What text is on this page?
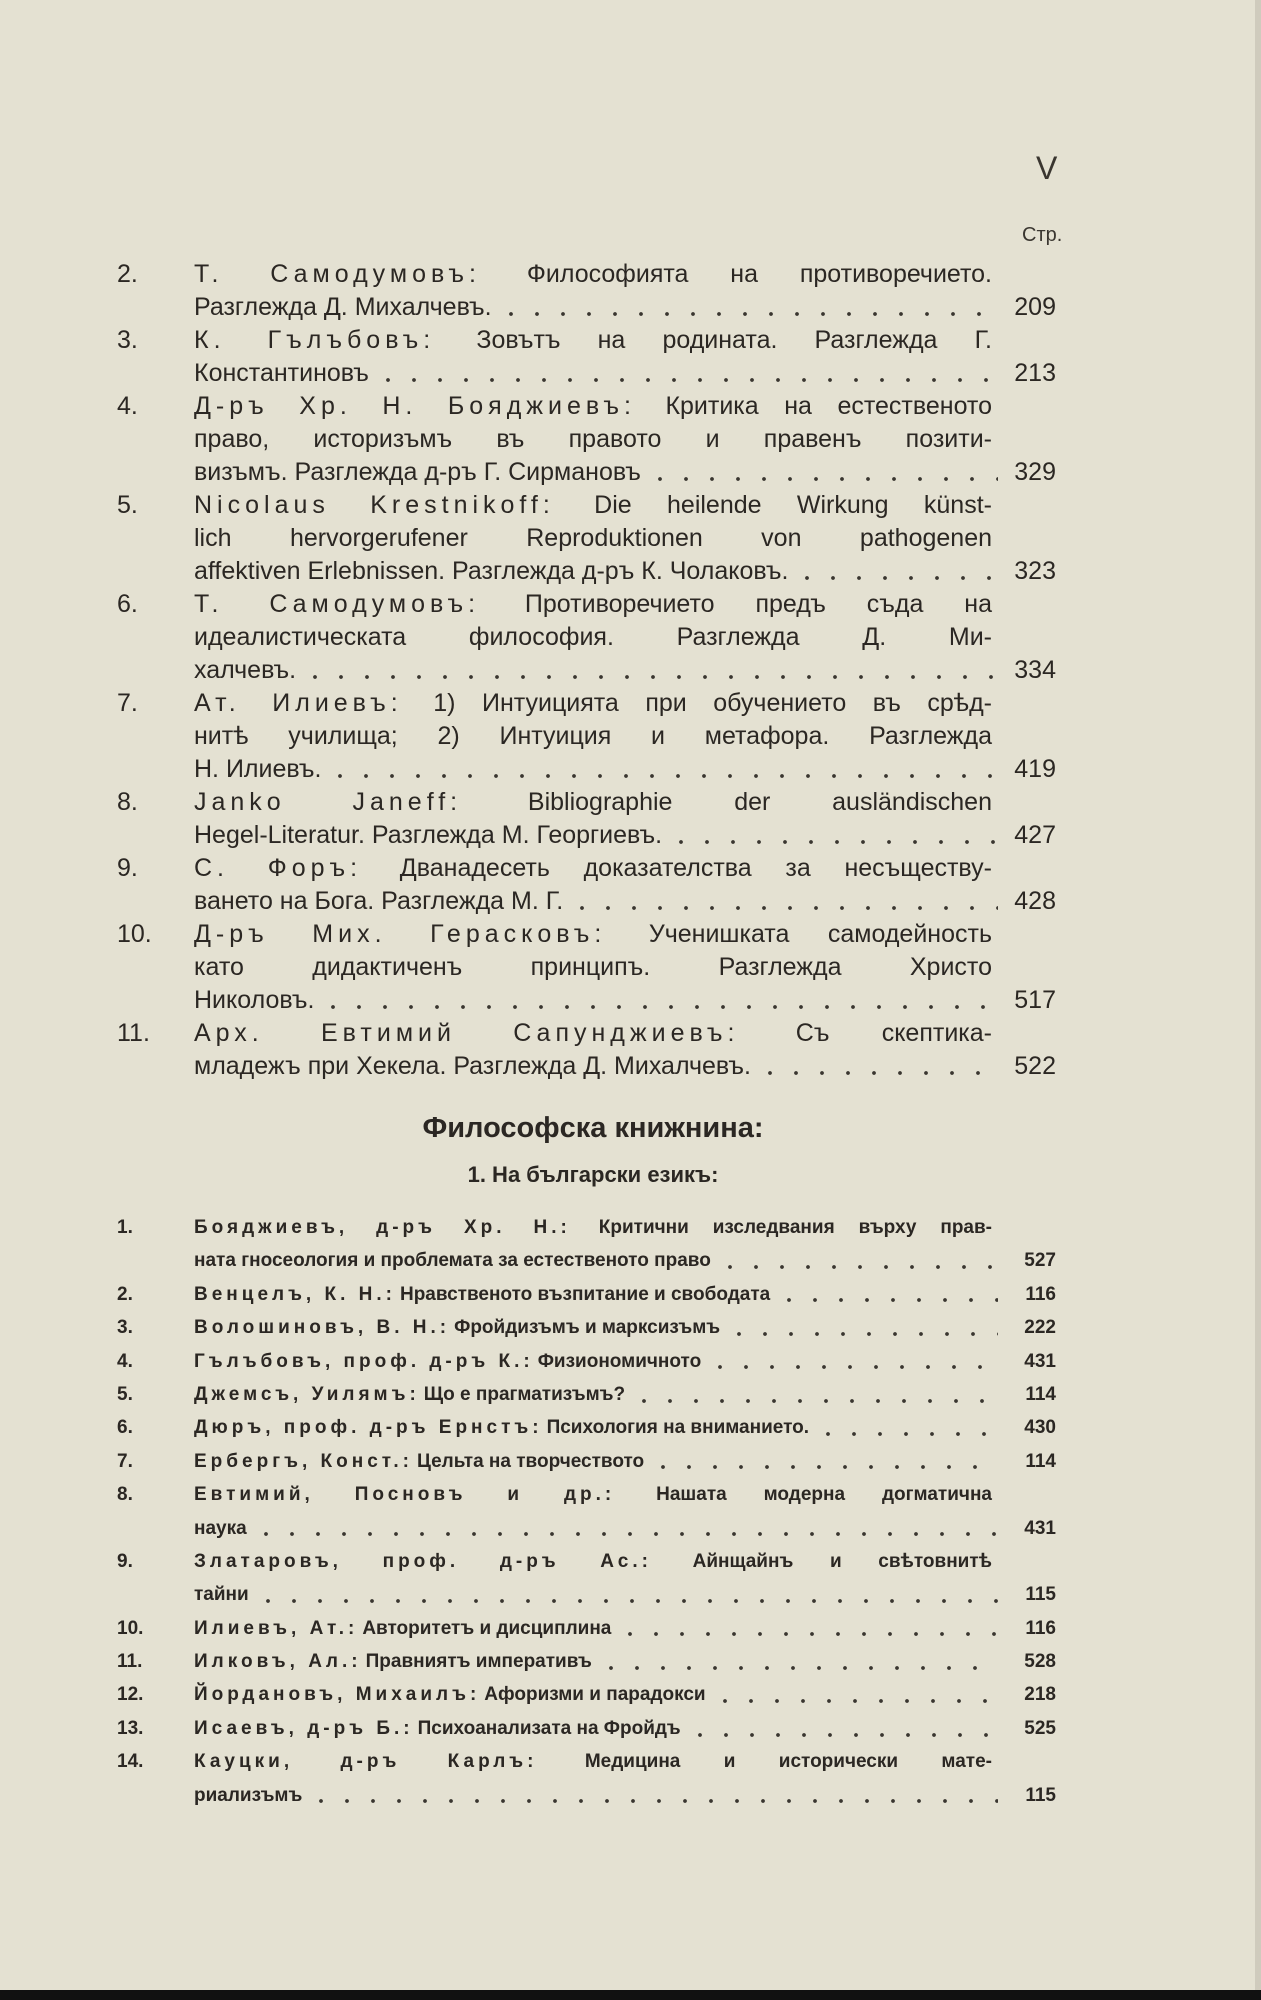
V
Стр.
2. Т. Самодумовъ: Философията на противоречието.
Разглежда Д. Михалчевъ.	209
3. К. Гълъбовъ: Зовътъ на родината. Разглежда Г.
Константиновъ	213
4. Д-ръ Хр. Н. Бояджиевъ: Критика на естественото
право, историзъмъ въ правото и правенъ позити-
визъмъ. Разглежда д-ръ Г. Сирмановъ	329
5. Nicolaus Krestnikoff: Die heilende Wirkung künst-
lich hervorgerufener Reproduktionen von pathogenen
affektiven Erlebnissen. Разглежда д-ръ К. Чолаковъ.	323
6. Т. Самодумовъ: Противоречието предъ съда на
идеалистическата философия. Разглежда Д. Ми-
халчевъ.	334
7. Ат. Илиевъ: 1) Интуицията при обучението въ срѣд-
нитѣ училища; 2) Интуиция и метафора. Разглежда
Н. Илиевъ.	419
8. Janko Janeff:	Bibliographie der ausländischen
Hegel-Literatur. Разглежда М. Георгиевъ.	427
9. С. Форъ: Дванадесеть доказателства за несъществу-
ването на Бога. Разглежда М. Г.	428
10. Д-ръ Мих. Герасковъ: Ученишката самодейность
като дидактиченъ принципъ. Разглежда Христо
Николовъ.	517
11. Арх. Евтимий Сапунджиевъ: Съ скептика-
младежъ при Хекела. Разглежда Д. Михалчевъ.	522
Философска книжнина:
1. На български езикъ:
1.	Бояджиевъ, д-ръ Хр. Н.: Критични изследвания върху прав-
ната гносеология и проблемата за естественото право	527
2.	Венцелъ, К. Н.: Нравственото възпитание и свободата	116
3.	Волошиновъ, В. Н.: Фройдизъмъ и марксизъмъ	222
4.	Гълъбовъ, проф. д-ръ К.: Физиономичното	431
5.	Джемсъ, Уилямъ: Що е прагматизъмъ?	114
6.	Дюръ, проф. д-ръ Ернстъ: Психология на вниманието.	430
7.	Ербергъ, Конст.: Цельта на творчеството	114
8.	Евтимий, Посновъ и др.: Нашата модерна догматична
наука	431
9.	Златаровъ, проф. д-ръ Ас.: Айнщайнъ и свѣтовнитѣ
тайни	115
10.	Илиевъ, Ат.: Авторитетъ и дисциплина	116
11.	Илковъ, Ал.: Правниятъ императивъ	528
12.	Йордановъ, Михаилъ: Афоризми и парадокси	218
13.	Исаевъ, д-ръ Б.: Психоанализата на Фройдъ	525
14.	Кауцки, д-ръ Карлъ: Медицина и исторически мате-
риализъмъ	115
